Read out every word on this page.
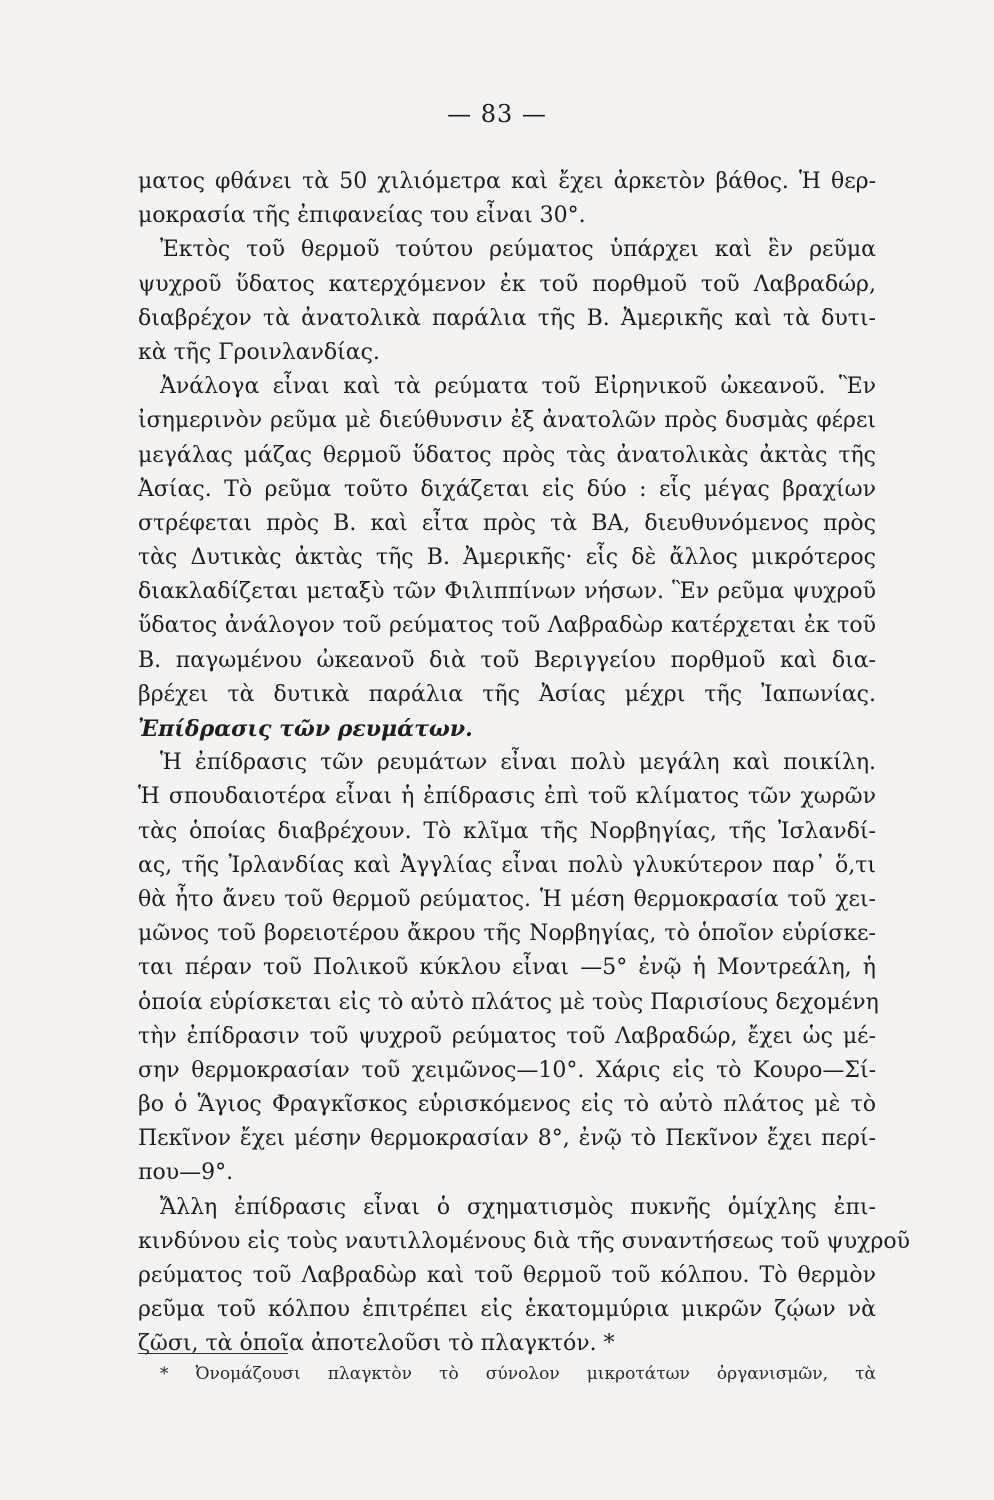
— 83 —
ματος φθάνει τὰ 50 χιλιόμετρα καὶ ἔχει ἀρκετὸν βάθος. Ἡ θερ-
μοκρασία τῆς ἐπιφανείας του εἶναι 30°.
Ἐκτὸς τοῦ θερμοῦ τούτου ρεύματος ὑπάρχει καὶ ἓν ρεῦμα
ψυχροῦ ὕδατος κατερχόμενον ἐκ τοῦ πορθμοῦ τοῦ Λαβραδώρ,
διαβρέχον τὰ ἀνατολικὰ παράλια τῆς Β. Ἀμερικῆς καὶ τὰ δυτι-
κὰ τῆς Γροινλανδίας.
Ἀνάλογα εἶναι καὶ τὰ ρεύματα τοῦ Εἰρηνικοῦ ὠκεανοῦ. Ἓν
ἰσημερινὸν ρεῦμα μὲ διεύθυνσιν ἐξ ἀνατολῶν πρὸς δυσμὰς φέρει
μεγάλας μάζας θερμοῦ ὕδατος πρὸς τὰς ἀνατολικὰς ἀκτὰς τῆς
Ἀσίας. Τὸ ρεῦμα τοῦτο διχάζεται εἰς δύο : εἷς μέγας βραχίων
στρέφεται πρὸς Β. καὶ εἶτα πρὸς τὰ ΒΑ, διευθυνόμενος πρὸς
τὰς Δυτικὰς ἀκτὰς τῆς Β. Ἀμερικῆς· εἷς δὲ ἄλλος μικρότερος
διακλαδίζεται μεταξὺ τῶν Φιλιππίνων νήσων. Ἓν ρεῦμα ψυχροῦ
ὕδατος ἀνάλογον τοῦ ρεύματος τοῦ Λαβραδὼρ κατέρχεται ἐκ τοῦ
Β. παγωμένου ὠκεανοῦ διὰ τοῦ Βεριγγείου πορθμοῦ καὶ δια-
βρέχει τὰ δυτικὰ παράλια τῆς Ἀσίας μέχρι τῆς Ἰαπωνίας.
Ἐπίδρασις τῶν ρευμάτων.
Ἡ ἐπίδρασις τῶν ρευμάτων εἶναι πολὺ μεγάλη καὶ ποικίλη.
Ἡ σπουδαιοτέρα εἶναι ἡ ἐπίδρασις ἐπὶ τοῦ κλίματος τῶν χωρῶν
τὰς ὁποίας διαβρέχουν. Τὸ κλῖμα τῆς Νορβηγίας, τῆς Ἰσλανδί-
ας, τῆς Ἰρλανδίας καὶ Ἀγγλίας εἶναι πολὺ γλυκύτερον παρ᾿ ὅ,τι
θὰ ἦτο ἄνευ τοῦ θερμοῦ ρεύματος. Ἡ μέση θερμοκρασία τοῦ χει-
μῶνος τοῦ βορειοτέρου ἄκρου τῆς Νορβηγίας, τὸ ὁποῖον εὑρίσκε-
ται πέραν τοῦ Πολικοῦ κύκλου εἶναι —5° ἐνῷ ἡ Μοντρεάλη, ἡ
ὁποία εὑρίσκεται εἰς τὸ αὐτὸ πλάτος μὲ τοὺς Παρισίους δεχομένη
τὴν ἐπίδρασιν τοῦ ψυχροῦ ρεύματος τοῦ Λαβραδώρ, ἔχει ὡς μέ-
σην θερμοκρασίαν τοῦ χειμῶνος—10°. Χάρις εἰς τὸ Κουρο—Σί-
βο ὁ Ἅγιος Φραγκῖσκος εὑρισκόμενος εἰς τὸ αὐτὸ πλάτος μὲ τὸ
Πεκῖνον ἔχει μέσην θερμοκρασίαν 8°, ἐνῷ τὸ Πεκῖνον ἔχει περί-
που—9°.
Ἄλλη ἐπίδρασις εἶναι ὁ σχηματισμὸς πυκνῆς ὁμίχλης ἐπι-
κινδύνου εἰς τοὺς ναυτιλλομένους διὰ τῆς συναντήσεως τοῦ ψυχροῦ
ρεύματος τοῦ Λαβραδὼρ καὶ τοῦ θερμοῦ τοῦ κόλπου. Τὸ θερμὸν
ρεῦμα τοῦ κόλπου ἐπιτρέπει εἰς ἑκατομμύρια μικρῶν ζῴων νὰ
ζῶσι, τὰ ὁποῖα ἀποτελοῦσι τὸ πλαγκτόν. *
* Ὀνομάζουσι πλαγκτὸν τὸ σύνολον μικροτάτων ὀργανισμῶν, τὰ
